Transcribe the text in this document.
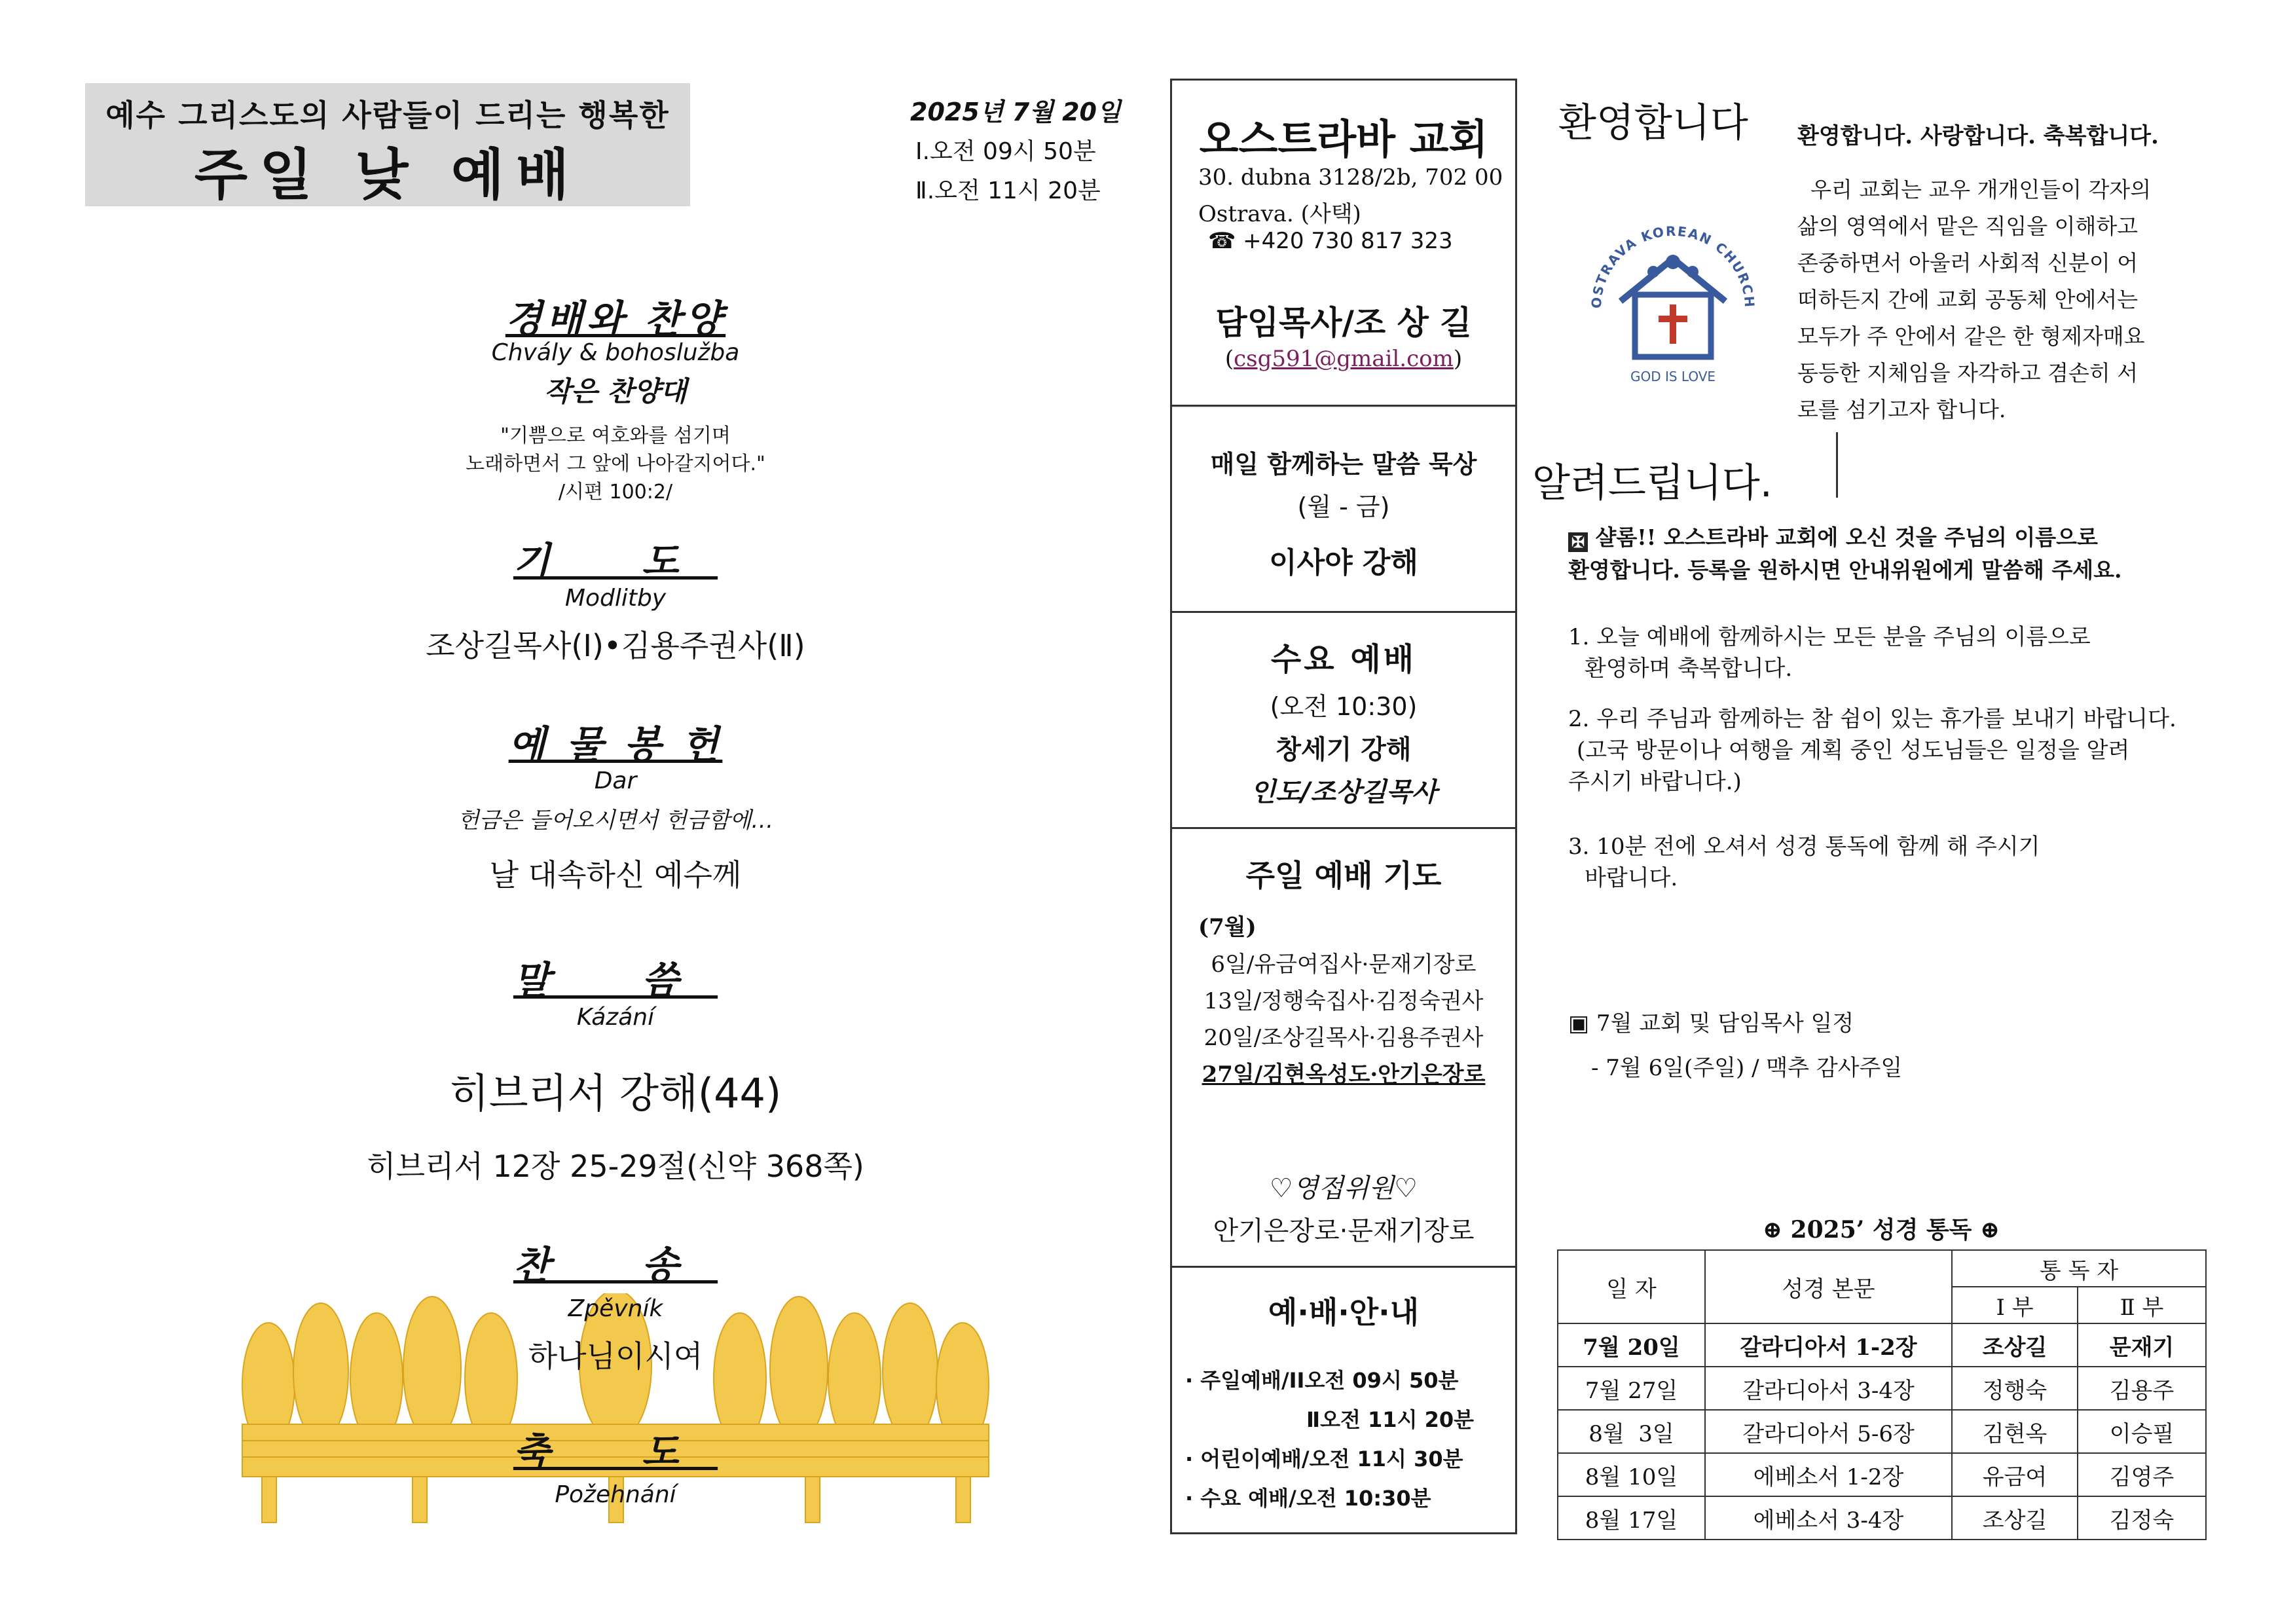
예수 그리스도의 사람들이 드리는 행복한
주일 낮 예배
2025년 7월 20일
Ⅰ.오전 09시 50분
Ⅱ.오전 11시 20분
경배와 찬양
Chvály & bohoslužba
작은 찬양대
"기쁨으로 여호와를 섬기며
노래하면서 그 앞에 나아갈지어다."
/시편 100:2/
기 도
Modlitby
조상길목사(Ⅰ)•김용주권사(Ⅱ)
예 물 봉 헌
Dar
헌금은 들어오시면서 헌금함에…
날 대속하신 예수께
말 씀
Kázání
히브리서 강해(44)
히브리서 12장 25-29절(신약 368쪽)
찬 송
Zpěvník
하나님이시여
축 도
Požehnání
오스트라바 교회
30. dubna 3128/2b, 702 00
Ostrava. (사택)
☎ +420 730 817 323
담임목사/조 상 길
(csg591@gmail.com)
매일 함께하는 말씀 묵상
(월 - 금)
이사야 강해
수요 예배
(오전 10:30)
창세기 강해
인도/조상길목사
주일 예배 기도
(7월)
6일/유금여집사·문재기장로
13일/정행숙집사·김정숙권사
20일/조상길목사·김용주권사
27일/김현옥성도·안기은장로
♡영접위원♡
안기은장로·문재기장로
예·배·안·내
· 주일예배/ⅠⅠ오전 09시 50분
Ⅱ오전 11시 20분
· 어린이예배/오전 11시 30분
· 수요 예배/오전 10:30분
환영합니다 환영합니다. 사랑합니다. 축복합니다.
OSTRAVA KOREAN CHURCH
GOD IS LOVE
우리 교회는 교우 개개인들이 각자의
삶의 영역에서 맡은 직임을 이해하고
존중하면서 아울러 사회적 신분이 어
떠하든지 간에 교회 공동체 안에서는
모두가 주 안에서 같은 한 형제자매요
동등한 지체임을 자각하고 겸손히 서
로를 섬기고자 합니다.
알려드립니다.
✠ 샬롬!! 오스트라바 교회에 오신 것을 주님의 이름으로
환영합니다. 등록을 원하시면 안내위원에게 말씀해 주세요.
1. 오늘 예배에 함께하시는 모든 분을 주님의 이름으로
환영하며 축복합니다.
2. 우리 주님과 함께하는 참 쉼이 있는 휴가를 보내기 바랍니다.
(고국 방문이나 여행을 계획 중인 성도님들은 일정을 알려
주시기 바랍니다.)
3. 10분 전에 오셔서 성경 통독에 함께 해 주시기
바랍니다.
▣ 7월 교회 및 담임목사 일정
- 7월 6일(주일) / 맥추 감사주일
⊕ 2025’ 성경 통독 ⊕
일 자	성경 본문	통 독 자	
		Ⅰ 부	Ⅱ 부
7월 20일	갈라디아서 1-2장	조상길	문재기
7월 27일	갈라디아서 3-4장	정행숙	김용주
8월  3일	갈라디아서 5-6장	김현옥	이승필
8월 10일	에베소서 1-2장	유금여	김영주
8월 17일	에베소서 3-4장	조상길	김정숙
